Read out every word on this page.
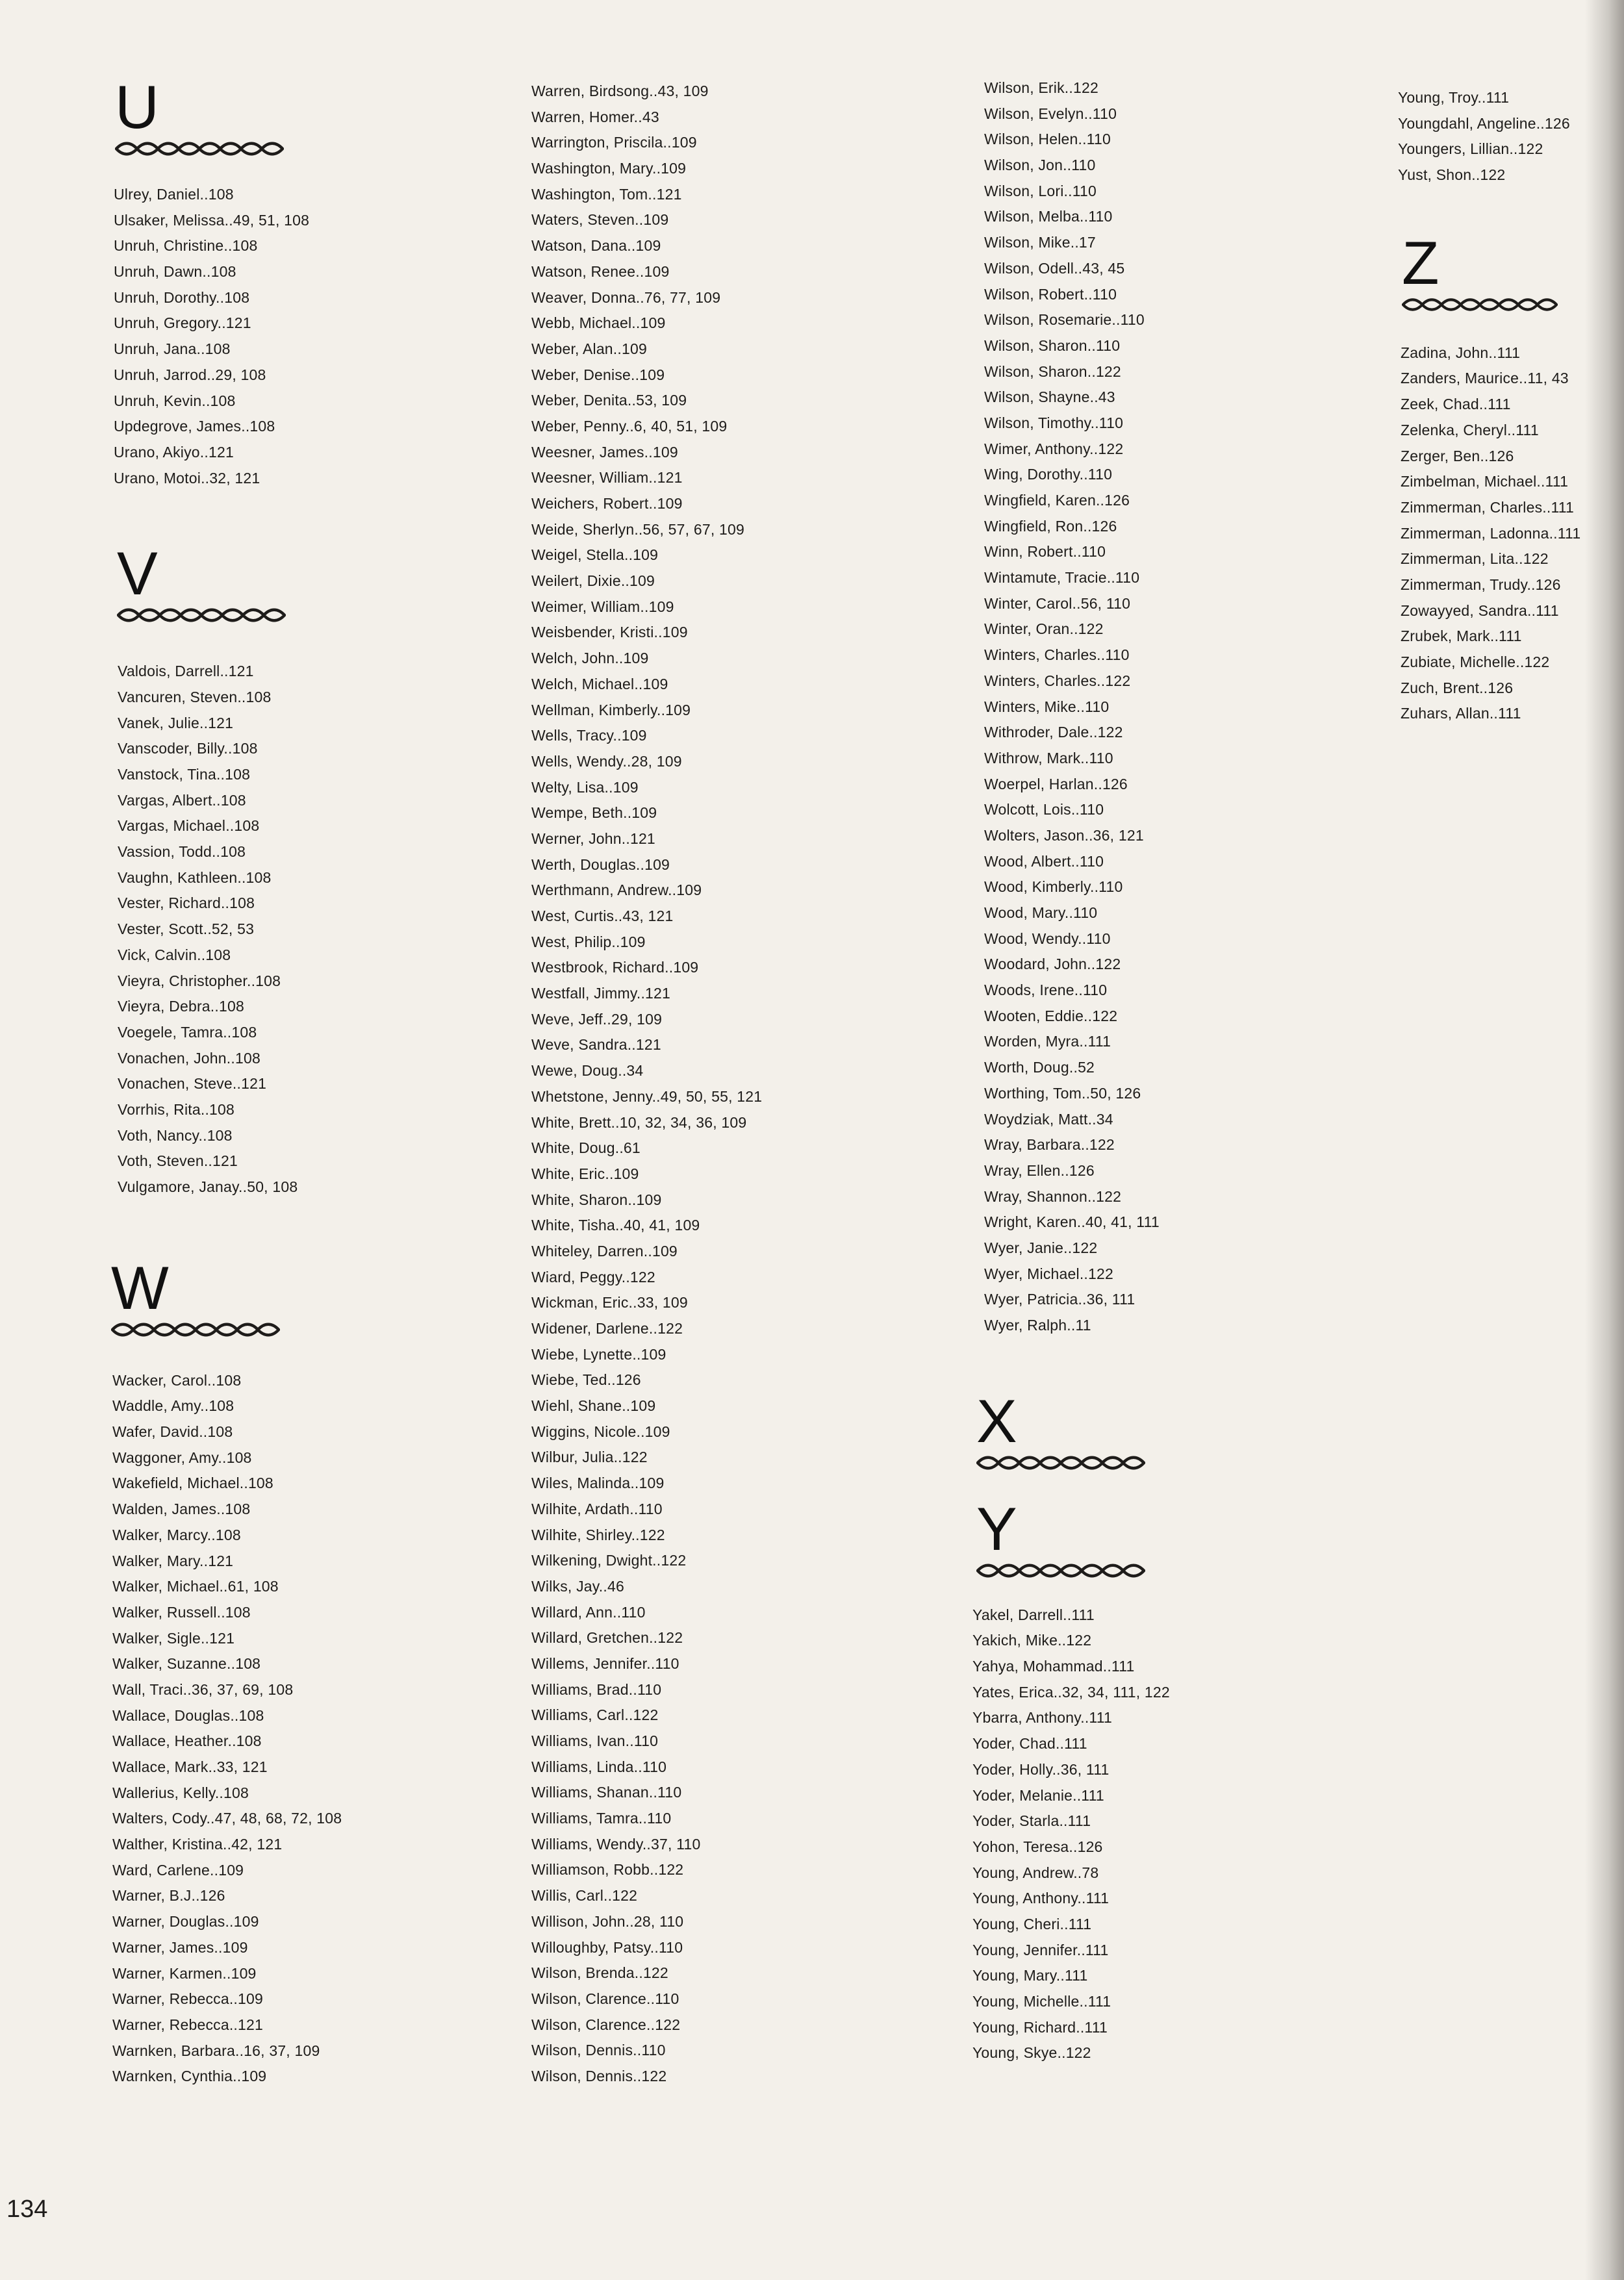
U
Ulrey, Daniel..108
Ulsaker, Melissa..49, 51, 108
Unruh, Christine..108
Unruh, Dawn..108
Unruh, Dorothy..108
Unruh, Gregory..121
Unruh, Jana..108
Unruh, Jarrod..29, 108
Unruh, Kevin..108
Updegrove, James..108
Urano, Akiyo..121
Urano, Motoi..32, 121
V
Valdois, Darrell..121
Vancuren, Steven..108
Vanek, Julie..121
Vanscoder, Billy..108
Vanstock, Tina..108
Vargas, Albert..108
Vargas, Michael..108
Vassion, Todd..108
Vaughn, Kathleen..108
Vester, Richard..108
Vester, Scott..52, 53
Vick, Calvin..108
Vieyra, Christopher..108
Vieyra, Debra..108
Voegele, Tamra..108
Vonachen, John..108
Vonachen, Steve..121
Vorrhis, Rita..108
Voth, Nancy..108
Voth, Steven..121
Vulgamore, Janay..50, 108
W
Wacker, Carol..108
Waddle, Amy..108
Wafer, David..108
Waggoner, Amy..108
Wakefield, Michael..108
Walden, James..108
Walker, Marcy..108
Walker, Mary..121
Walker, Michael..61, 108
Walker, Russell..108
Walker, Sigle..121
Walker, Suzanne..108
Wall, Traci..36, 37, 69, 108
Wallace, Douglas..108
Wallace, Heather..108
Wallace, Mark..33, 121
Wallerius, Kelly..108
Walters, Cody..47, 48, 68, 72, 108
Walther, Kristina..42, 121
Ward, Carlene..109
Warner, B.J..126
Warner, Douglas..109
Warner, James..109
Warner, Karmen..109
Warner, Rebecca..109
Warner, Rebecca..121
Warnken, Barbara..16, 37, 109
Warnken, Cynthia..109
Warren, Birdsong..43, 109
Warren, Homer..43
Warrington, Priscila..109
Washington, Mary..109
Washington, Tom..121
Waters, Steven..109
Watson, Dana..109
Watson, Renee..109
Weaver, Donna..76, 77, 109
Webb, Michael..109
Weber, Alan..109
Weber, Denise..109
Weber, Denita..53, 109
Weber, Penny..6, 40, 51, 109
Weesner, James..109
Weesner, William..121
Weichers, Robert..109
Weide, Sherlyn..56, 57, 67, 109
Weigel, Stella..109
Weilert, Dixie..109
Weimer, William..109
Weisbender, Kristi..109
Welch, John..109
Welch, Michael..109
Wellman, Kimberly..109
Wells, Tracy..109
Wells, Wendy..28, 109
Welty, Lisa..109
Wempe, Beth..109
Werner, John..121
Werth, Douglas..109
Werthmann, Andrew..109
West, Curtis..43, 121
West, Philip..109
Westbrook, Richard..109
Westfall, Jimmy..121
Weve, Jeff..29, 109
Weve, Sandra..121
Wewe, Doug..34
Whetstone, Jenny..49, 50, 55, 121
White, Brett..10, 32, 34, 36, 109
White, Doug..61
White, Eric..109
White, Sharon..109
White, Tisha..40, 41, 109
Whiteley, Darren..109
Wiard, Peggy..122
Wickman, Eric..33, 109
Widener, Darlene..122
Wiebe, Lynette..109
Wiebe, Ted..126
Wiehl, Shane..109
Wiggins, Nicole..109
Wilbur, Julia..122
Wiles, Malinda..109
Wilhite, Ardath..110
Wilhite, Shirley..122
Wilkening, Dwight..122
Wilks, Jay..46
Willard, Ann..110
Willard, Gretchen..122
Willems, Jennifer..110
Williams, Brad..110
Williams, Carl..122
Williams, Ivan..110
Williams, Linda..110
Williams, Shanan..110
Williams, Tamra..110
Williams, Wendy..37, 110
Williamson, Robb..122
Willis, Carl..122
Willison, John..28, 110
Willoughby, Patsy..110
Wilson, Brenda..122
Wilson, Clarence..110
Wilson, Clarence..122
Wilson, Dennis..110
Wilson, Dennis..122
Wilson, Erik..122
Wilson, Evelyn..110
Wilson, Helen..110
Wilson, Jon..110
Wilson, Lori..110
Wilson, Melba..110
Wilson, Mike..17
Wilson, Odell..43, 45
Wilson, Robert..110
Wilson, Rosemarie..110
Wilson, Sharon..110
Wilson, Sharon..122
Wilson, Shayne..43
Wilson, Timothy..110
Wimer, Anthony..122
Wing, Dorothy..110
Wingfield, Karen..126
Wingfield, Ron..126
Winn, Robert..110
Wintamute, Tracie..110
Winter, Carol..56, 110
Winter, Oran..122
Winters, Charles..110
Winters, Charles..122
Winters, Mike..110
Withroder, Dale..122
Withrow, Mark..110
Woerpel, Harlan..126
Wolcott, Lois..110
Wolters, Jason..36, 121
Wood, Albert..110
Wood, Kimberly..110
Wood, Mary..110
Wood, Wendy..110
Woodard, John..122
Woods, Irene..110
Wooten, Eddie..122
Worden, Myra..111
Worth, Doug..52
Worthing, Tom..50, 126
Woydziak, Matt..34
Wray, Barbara..122
Wray, Ellen..126
Wray, Shannon..122
Wright, Karen..40, 41, 111
Wyer, Janie..122
Wyer, Michael..122
Wyer, Patricia..36, 111
Wyer, Ralph..11
X
Y
Yakel, Darrell..111
Yakich, Mike..122
Yahya, Mohammad..111
Yates, Erica..32, 34, 111, 122
Ybarra, Anthony..111
Yoder, Chad..111
Yoder, Holly..36, 111
Yoder, Melanie..111
Yoder, Starla..111
Yohon, Teresa..126
Young, Andrew..78
Young, Anthony..111
Young, Cheri..111
Young, Jennifer..111
Young, Mary..111
Young, Michelle..111
Young, Richard..111
Young, Skye..122
Young, Troy..111
Youngdahl, Angeline..126
Youngers, Lillian..122
Yust, Shon..122
Z
Zadina, John..111
Zanders, Maurice..11, 43
Zeek, Chad..111
Zelenka, Cheryl..111
Zerger, Ben..126
Zimbelman, Michael..111
Zimmerman, Charles..111
Zimmerman, Ladonna..111
Zimmerman, Lita..122
Zimmerman, Trudy..126
Zowayyed, Sandra..111
Zrubek, Mark..111
Zubiate, Michelle..122
Zuch, Brent..126
Zuhars, Allan..111
134
